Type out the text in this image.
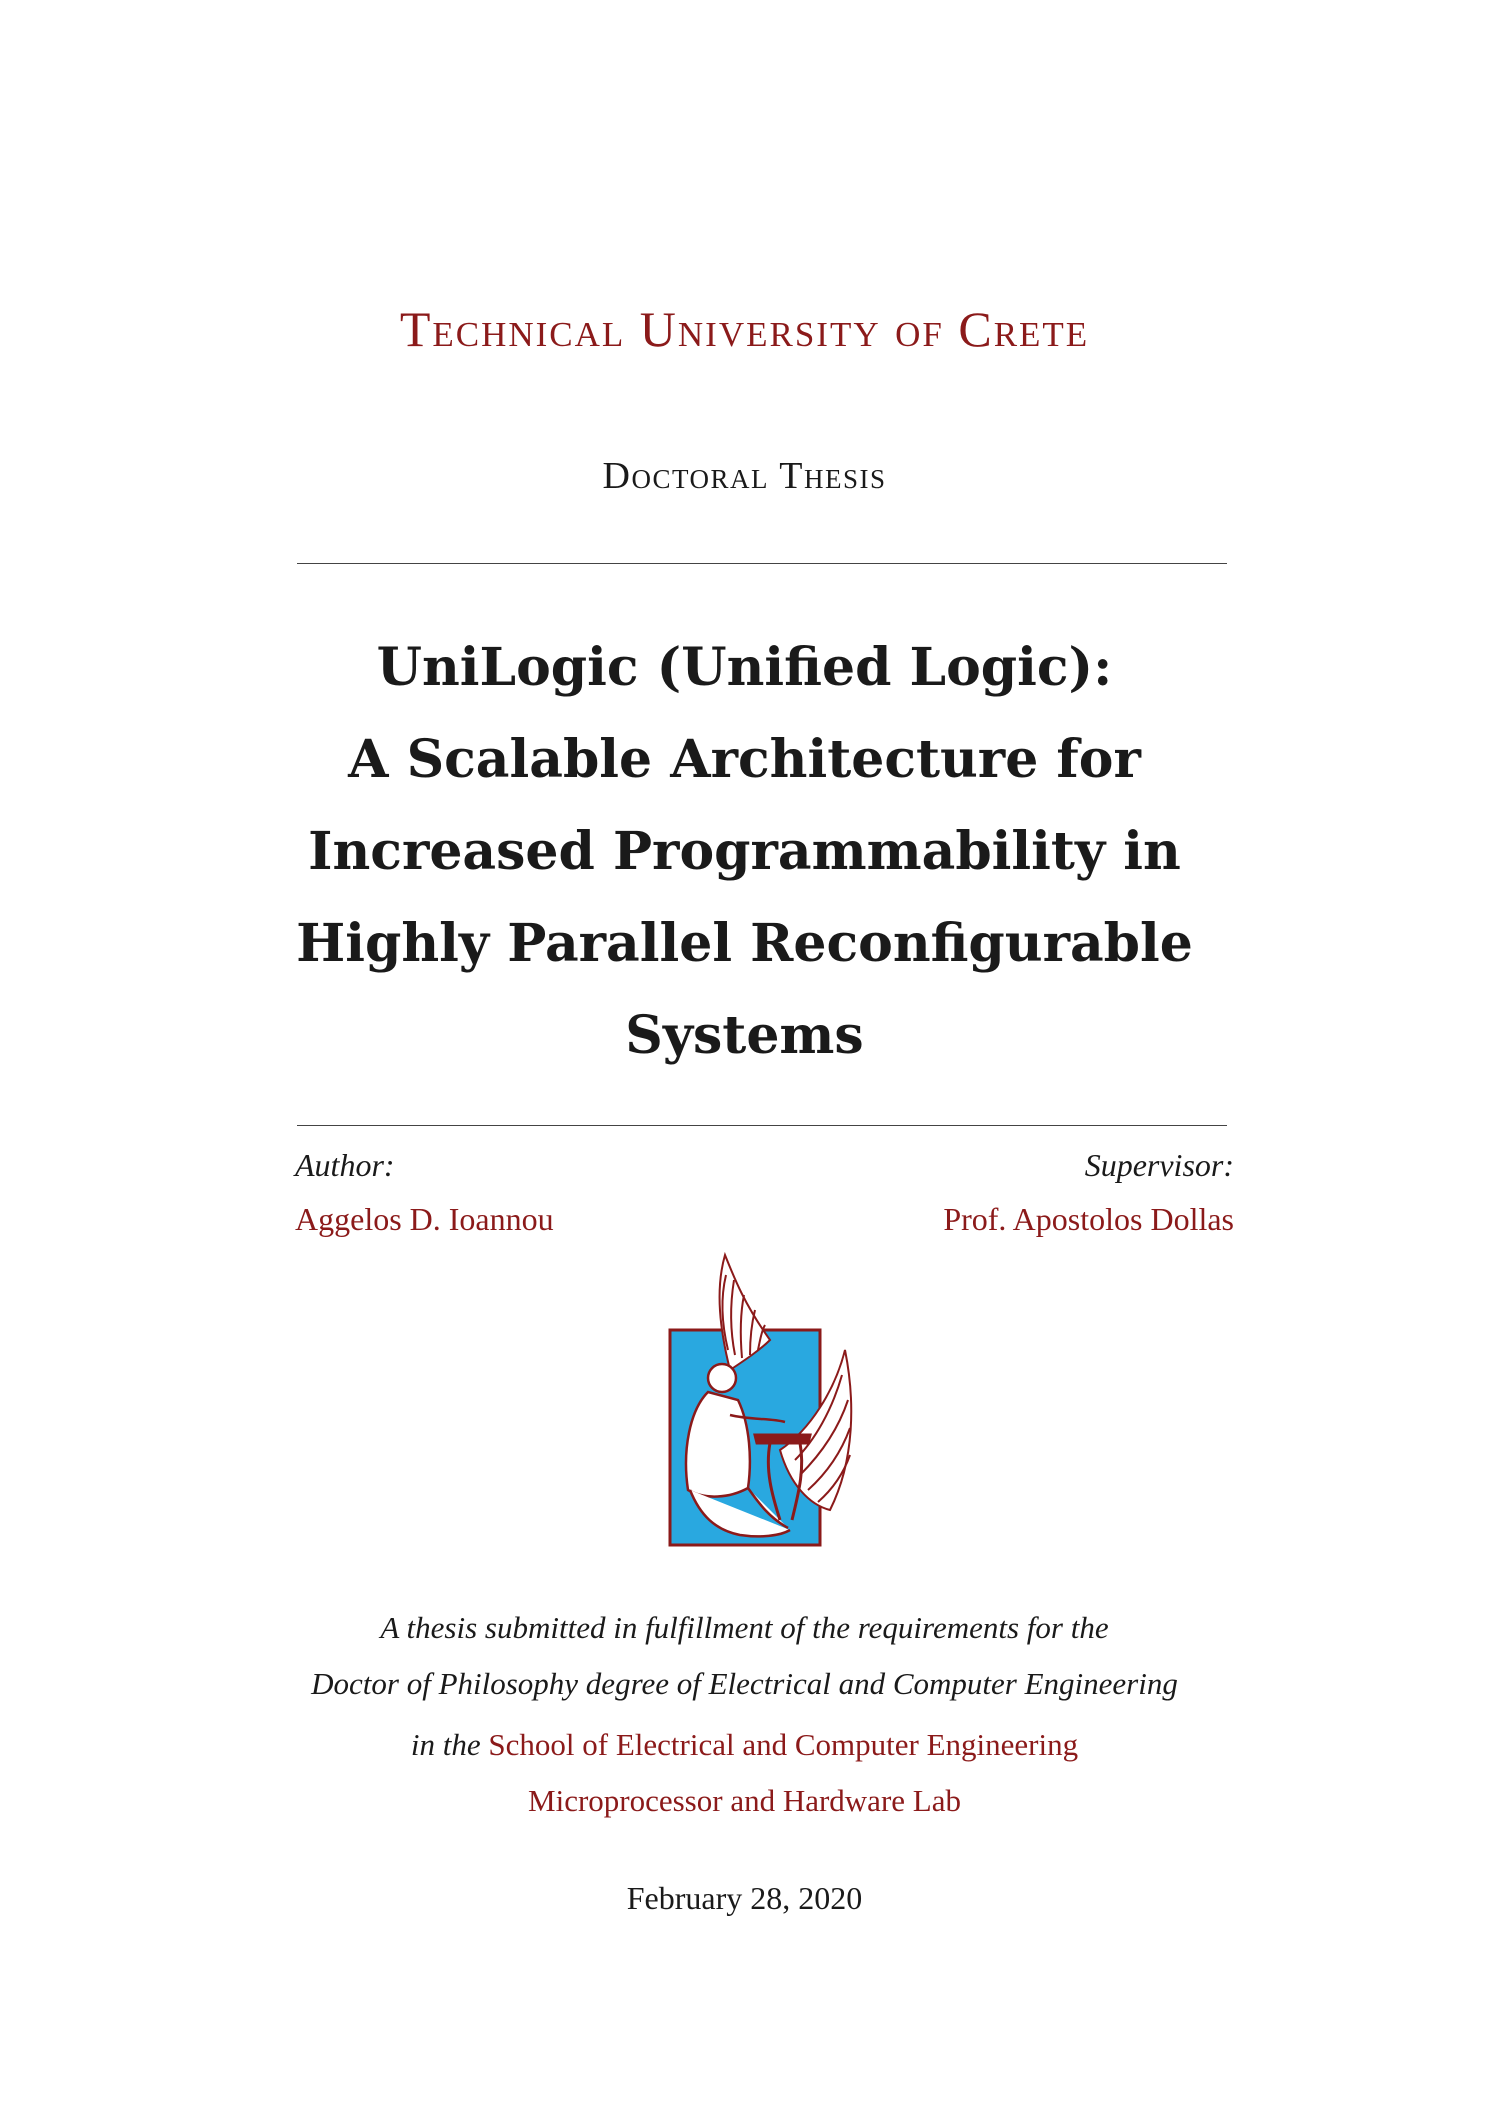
Technical University of Crete
Doctoral Thesis
UniLogic (Unified Logic):
A Scalable Architecture for
Increased Programmability in
Highly Parallel Reconfigurable
Systems
Author:
Aggelos D. Ioannou
Supervisor:
Prof. Apostolos Dollas
A thesis submitted in fulfillment of the requirements for the
Doctor of Philosophy degree of Electrical and Computer Engineering
in the School of Electrical and Computer Engineering
Microprocessor and Hardware Lab
February 28, 2020
